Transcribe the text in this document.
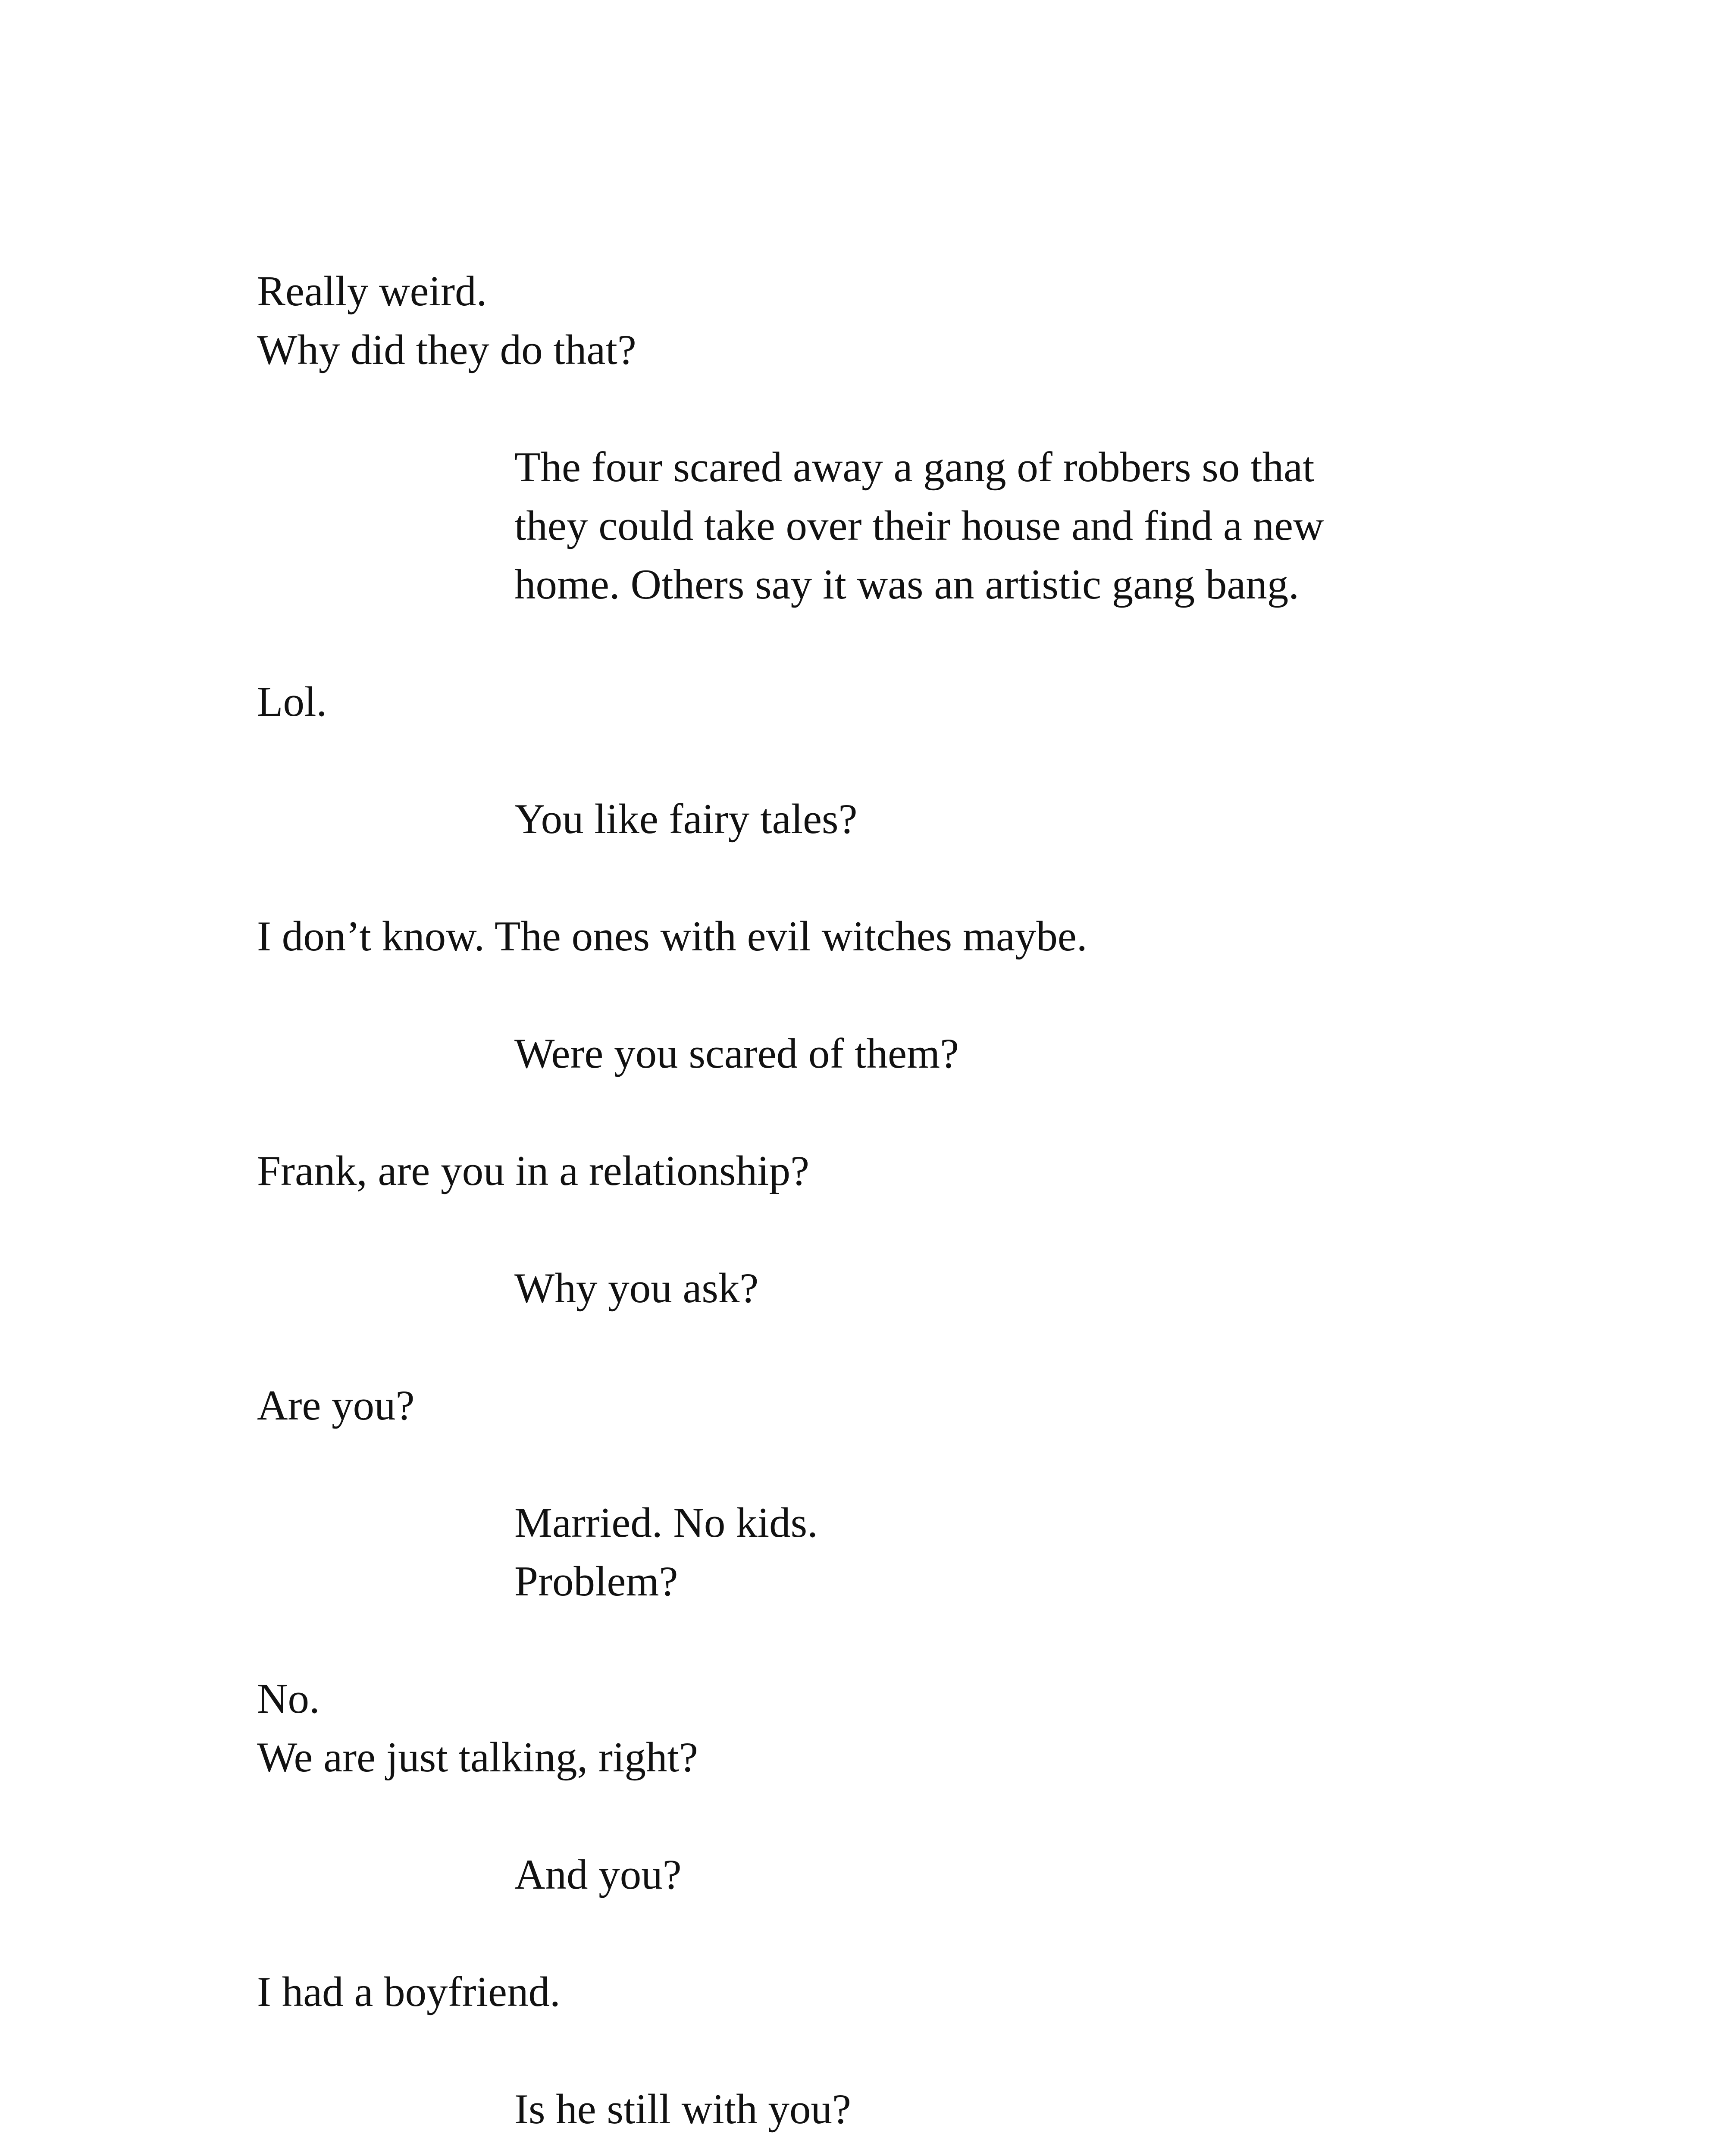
Really weird.
Why did they do that?

The four scared away a gang of robbers so that
they could take over their house and find a new
home. Others say it was an artistic gang bang.

Lol.

You like fairy tales?

I don’t know. The ones with evil witches maybe.

Were you scared of them?

Frank, are you in a relationship?

Why you ask?

Are you?

Married. No kids.
Problem?

No.
We are just talking, right?

And you?

I had a boyfriend.

Is he still with you?
